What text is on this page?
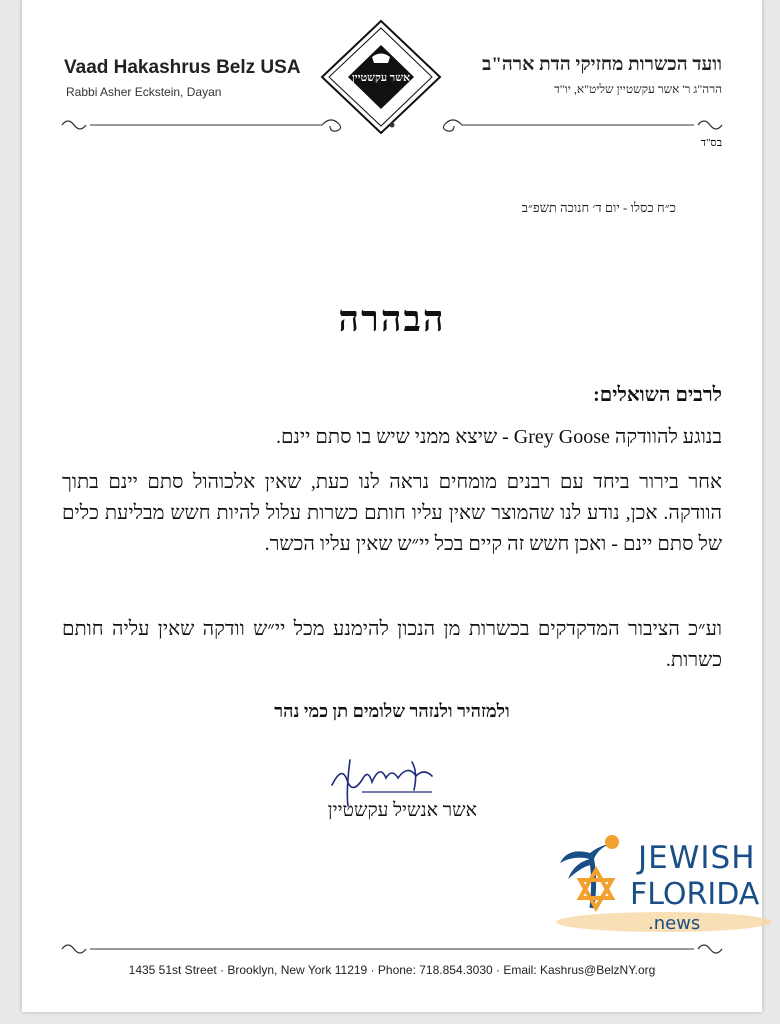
Vaad Hakashrus Belz USA
Rabbi Asher Eckstein, Dayan
אשר עקשטיין
וועד הכשרות מחזיקי הדת ארה"ב
הרה"ג ר' אשר עקשטיין שליט"א, יו"ד
בס"ד
כ״ח כסלו - יום ד׳ חנוכה תשפ״ב
הבהרה
לרבים השואלים:
בנוגע להוודקה Grey Goose - שיצא ממני שיש בו סתם יינם.
אחר בירור ביחד עם רבנים מומחים נראה לנו כעת, שאין אלכוהול סתם יינם בתוך הוודקה. אכן, נודע לנו שהמוצר שאין עליו חותם כשרות עלול להיות חשש מבליעת כלים של סתם יינם - ואכן חשש זה קיים בכל יי״ש שאין עליו הכשר.
וע״כ הציבור המדקדקים בכשרות מן הנכון להימנע מכל יי״ש וודקה שאין עליה חותם כשרות.
ולמזהיר ולנזהר שלומים תן כמי נהר
אשר אנשיל עקשטיין
1435 51st Street · Brooklyn, New York 11219 · Phone: 718.854.3030 · Email: Kashrus@BelzNY.org
JEWISH
FLORIDA
.news
